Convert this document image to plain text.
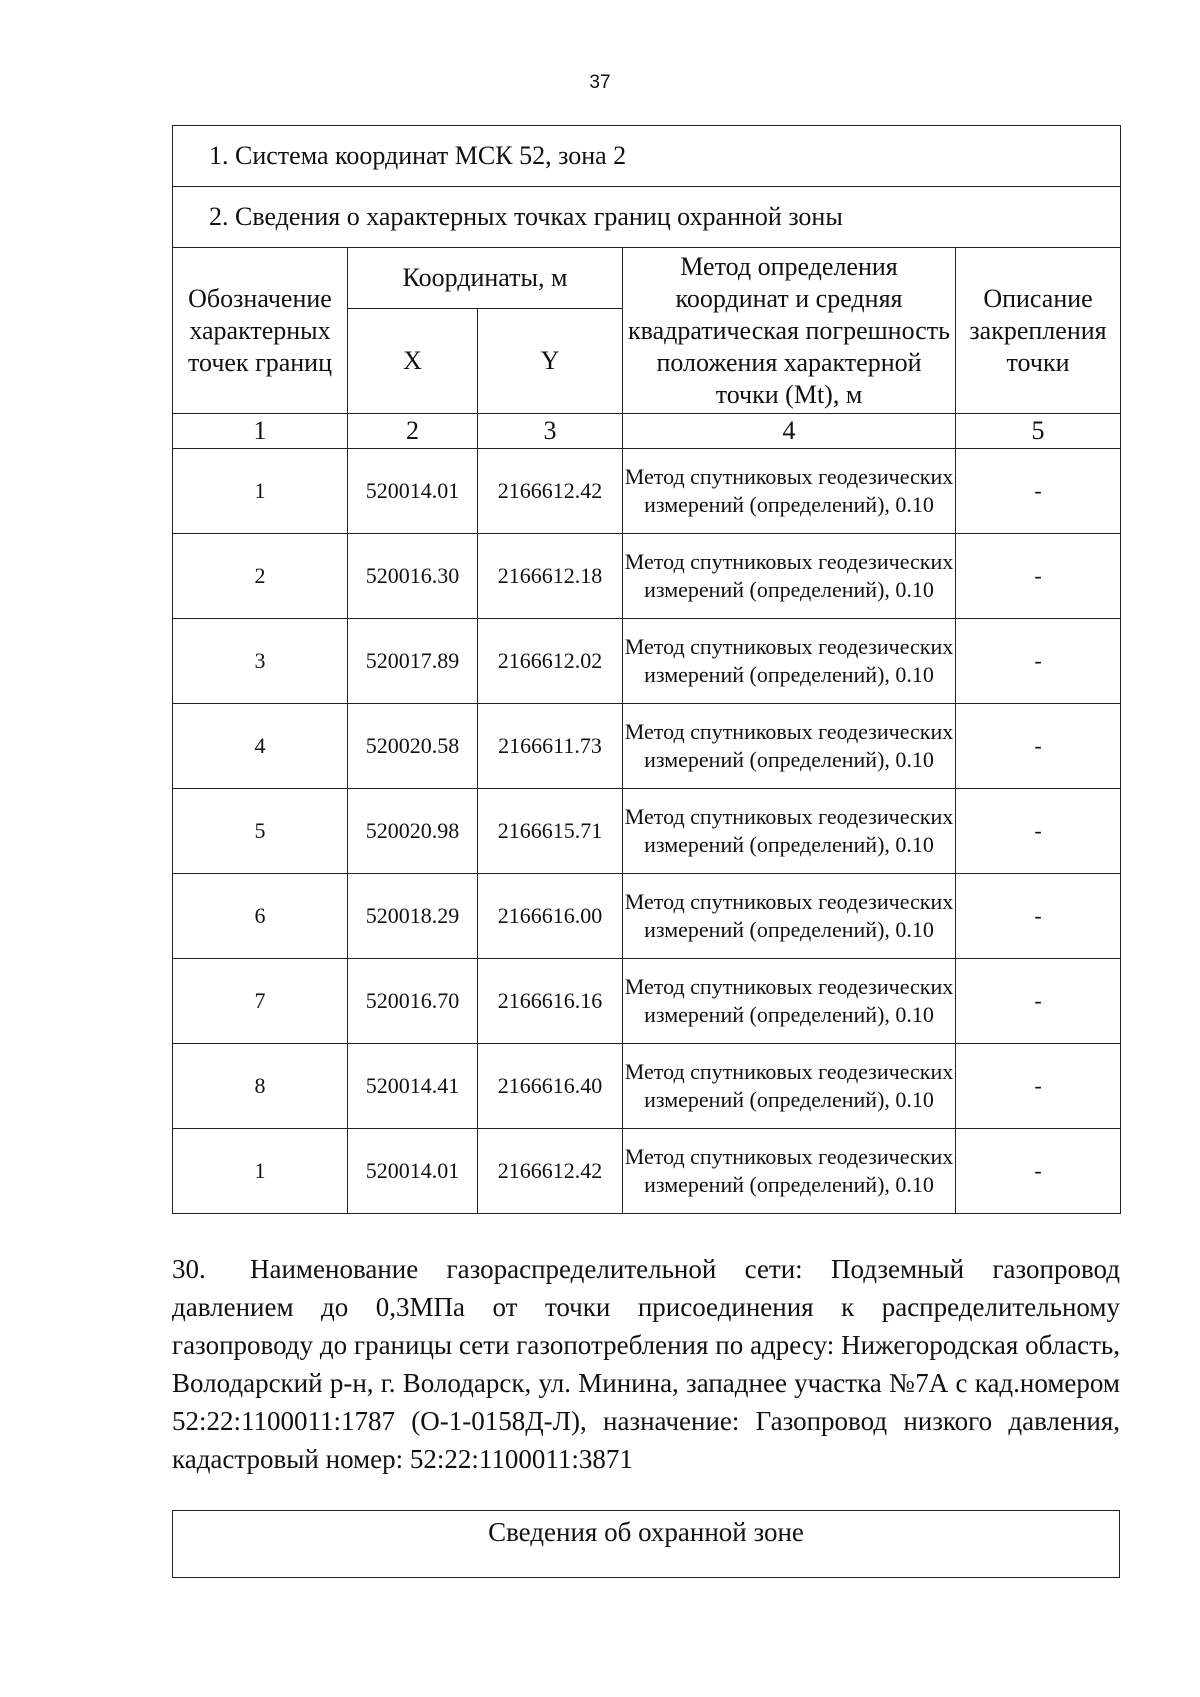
37
1. Система координат МСК 52, зона 2				
2. Сведения о характерных точках границ охранной зоны				
Обозначение характерных точек границ	Координаты, м		Метод определения координат и средняя квадратическая погрешность положения характерной точки (Mt), м	Описание закрепления точки
	X	Y		
1	2	3	4	5
1	520014.01	2166612.42	Метод спутниковых геодезических измерений (определений), 0.10	-
2	520016.30	2166612.18	Метод спутниковых геодезических измерений (определений), 0.10	-
3	520017.89	2166612.02	Метод спутниковых геодезических измерений (определений), 0.10	-
4	520020.58	2166611.73	Метод спутниковых геодезических измерений (определений), 0.10	-
5	520020.98	2166615.71	Метод спутниковых геодезических измерений (определений), 0.10	-
6	520018.29	2166616.00	Метод спутниковых геодезических измерений (определений), 0.10	-
7	520016.70	2166616.16	Метод спутниковых геодезических измерений (определений), 0.10	-
8	520014.41	2166616.40	Метод спутниковых геодезических измерений (определений), 0.10	-
1	520014.01	2166612.42	Метод спутниковых геодезических измерений (определений), 0.10	-
30. Наименование газораспределительной сети: Подземный газопровод давлением до 0,3МПа от точки присоединения к распределительному газопроводу до границы сети газопотребления по адресу: Нижегородская область, Володарский р-н, г. Володарск, ул. Минина, западнее участка №7А с кад.номером 52:22:1100011:1787 (О-1-0158Д-Л), назначение: Газопровод низкого давления, кадастровый номер: 52:22:1100011:3871
Сведения об охранной зоне
